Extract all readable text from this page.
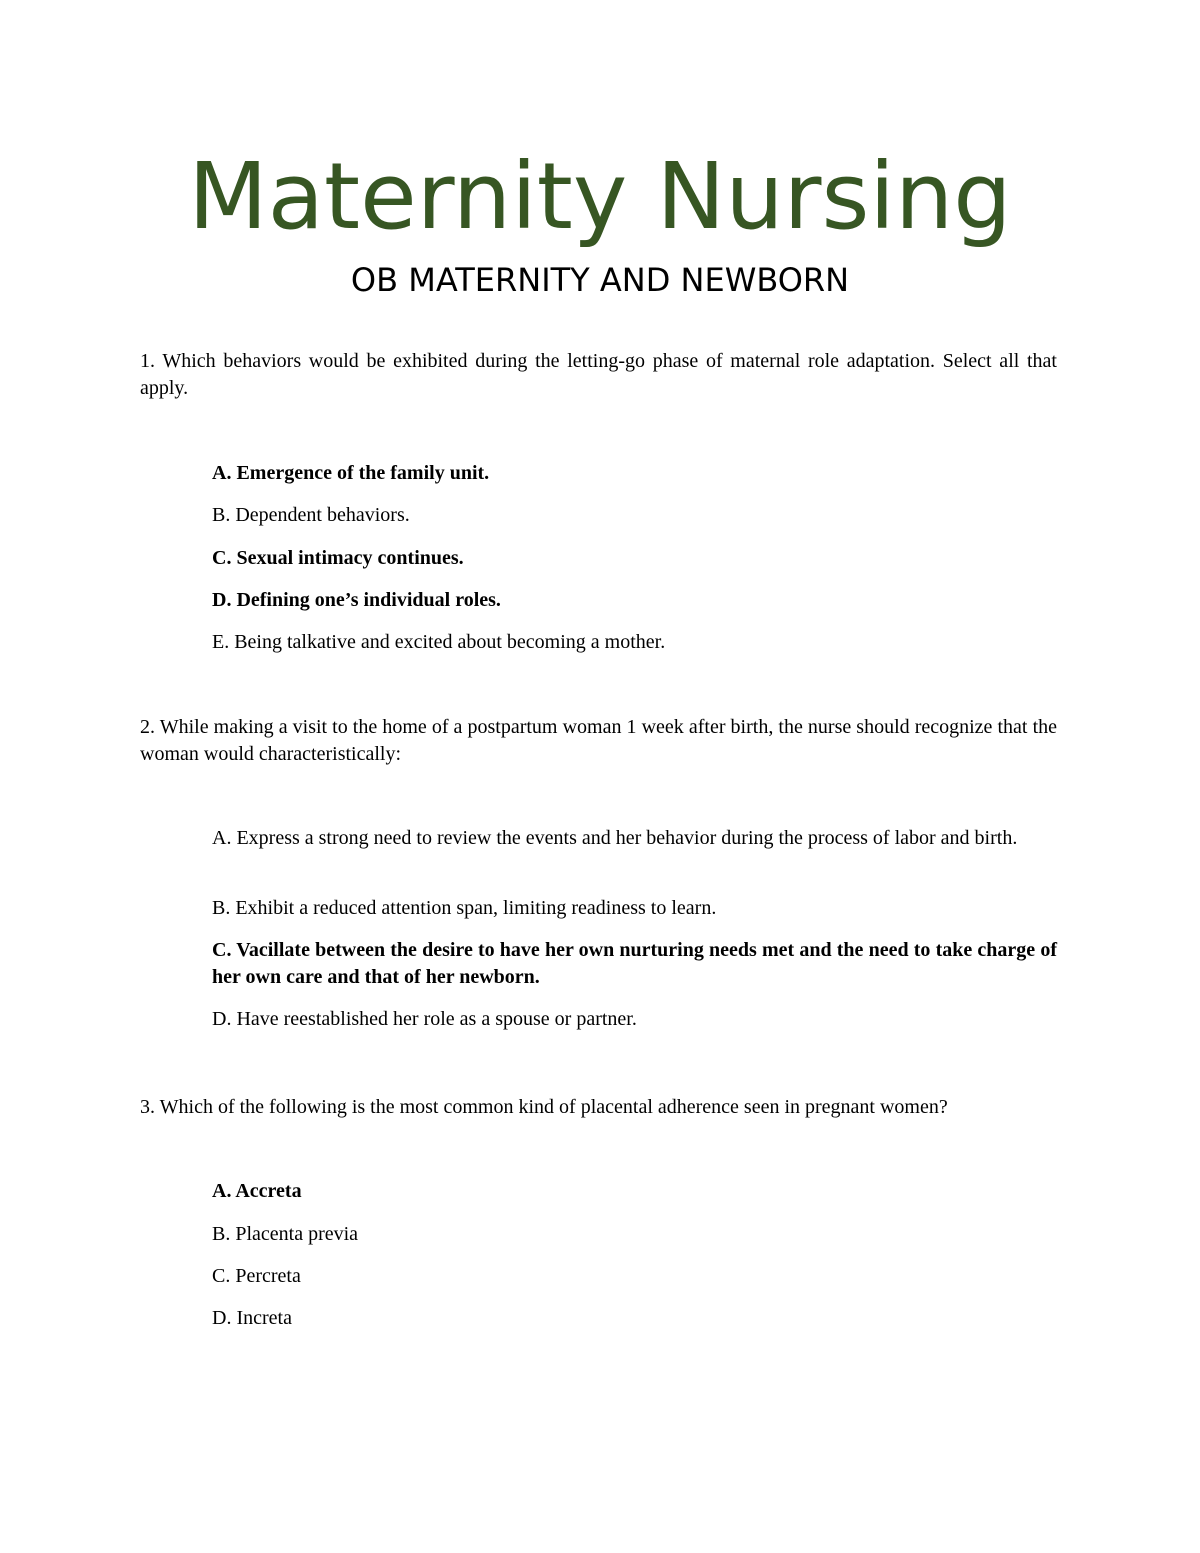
Maternity Nursing
OB MATERNITY AND NEWBORN

1. Which behaviors would be exhibited during the letting-go phase of maternal role adaptation. Select all that apply.

A. Emergence of the family unit.

B. Dependent behaviors.

C. Sexual intimacy continues.

D. Defining one’s individual roles.

E. Being talkative and excited about becoming a mother.

2. While making a visit to the home of a postpartum woman 1 week after birth, the nurse should recognize that the woman would characteristically:

A. Express a strong need to review the events and her behavior during the process of labor and birth.

B. Exhibit a reduced attention span, limiting readiness to learn.

C. Vacillate between the desire to have her own nurturing needs met and the need to take charge of her own care and that of her newborn.

D. Have reestablished her role as a spouse or partner.

3. Which of the following is the most common kind of placental adherence seen in pregnant women?

A. Accreta

B. Placenta previa

C. Percreta

D. Increta
